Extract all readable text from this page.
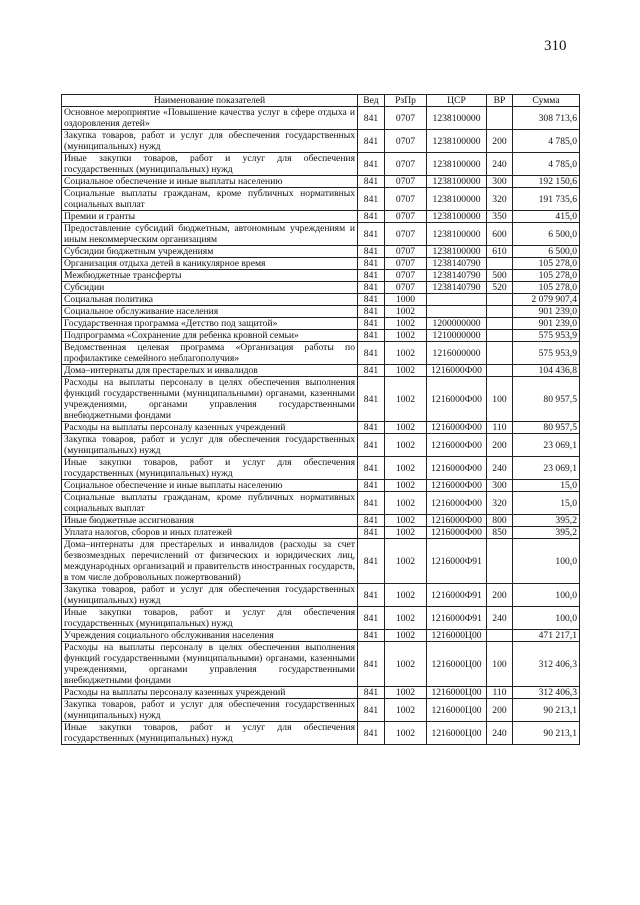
310
Наименование показателей	Вед	РзПр	ЦСР	ВР	Сумма
Основное мероприятие «Повышение качества услуг в сфере отдыха и оздоровления детей»	841	0707	1238100000		308 713,6
Закупка товаров, работ и услуг для обеспечения государственных (муниципальных) нужд	841	0707	1238100000	200	4 785,0
Иные закупки товаров, работ и услуг для обеспечения государственных (муниципальных) нужд	841	0707	1238100000	240	4 785,0
Социальное обеспечение и иные выплаты населению	841	0707	1238100000	300	192 150,6
Социальные выплаты гражданам, кроме публичных нормативных социальных выплат	841	0707	1238100000	320	191 735,6
Премии и гранты	841	0707	1238100000	350	415,0
Предоставление субсидий бюджетным, автономным учреждениям и иным некоммерческим организациям	841	0707	1238100000	600	6 500,0
Субсидии бюджетным учреждениям	841	0707	1238100000	610	6 500,0
Организация отдыха детей в каникулярное время	841	0707	1238140790		105 278,0
Межбюджетные трансферты	841	0707	1238140790	500	105 278,0
Субсидии	841	0707	1238140790	520	105 278,0
Социальная политика	841	1000			2 079 907,4
Социальное обслуживание населения	841	1002			901 239,0
Государственная программа «Детство под защитой»	841	1002	1200000000		901 239,0
Подпрограмма «Сохранение для ребенка кровной семьи»	841	1002	1210000000		575 953,9
Ведомственная целевая программа «Организация работы по профилактике семейного неблагополучия»	841	1002	1216000000		575 953,9
Дома–интернаты для престарелых и инвалидов	841	1002	1216000Ф00		104 436,8
Расходы на выплаты персоналу в целях обеспечения выполнения функций государственными (муниципальными) органами, казенными учреждениями, органами управления государственными внебюджетными фондами	841	1002	1216000Ф00	100	80 957,5
Расходы на выплаты персоналу казенных учреждений	841	1002	1216000Ф00	110	80 957,5
Закупка товаров, работ и услуг для обеспечения государственных (муниципальных) нужд	841	1002	1216000Ф00	200	23 069,1
Иные закупки товаров, работ и услуг для обеспечения государственных (муниципальных) нужд	841	1002	1216000Ф00	240	23 069,1
Социальное обеспечение и иные выплаты населению	841	1002	1216000Ф00	300	15,0
Социальные выплаты гражданам, кроме публичных нормативных социальных выплат	841	1002	1216000Ф00	320	15,0
Иные бюджетные ассигнования	841	1002	1216000Ф00	800	395,2
Уплата налогов, сборов и иных платежей	841	1002	1216000Ф00	850	395,2
Дома–интернаты для престарелых и инвалидов (расходы за счет безвозмездных перечислений от физических и юридических лиц, международных организаций и правительств иностранных государств, в том числе добровольных пожертвований)	841	1002	1216000Ф91		100,0
Закупка товаров, работ и услуг для обеспечения государственных (муниципальных) нужд	841	1002	1216000Ф91	200	100,0
Иные закупки товаров, работ и услуг для обеспечения государственных (муниципальных) нужд	841	1002	1216000Ф91	240	100,0
Учреждения социального обслуживания населения	841	1002	1216000Ц00		471 217,1
Расходы на выплаты персоналу в целях обеспечения выполнения функций государственными (муниципальными) органами, казенными учреждениями, органами управления государственными внебюджетными фондами	841	1002	1216000Ц00	100	312 406,3
Расходы на выплаты персоналу казенных учреждений	841	1002	1216000Ц00	110	312 406,3
Закупка товаров, работ и услуг для обеспечения государственных (муниципальных) нужд	841	1002	1216000Ц00	200	90 213,1
Иные закупки товаров, работ и услуг для обеспечения государственных (муниципальных) нужд	841	1002	1216000Ц00	240	90 213,1
